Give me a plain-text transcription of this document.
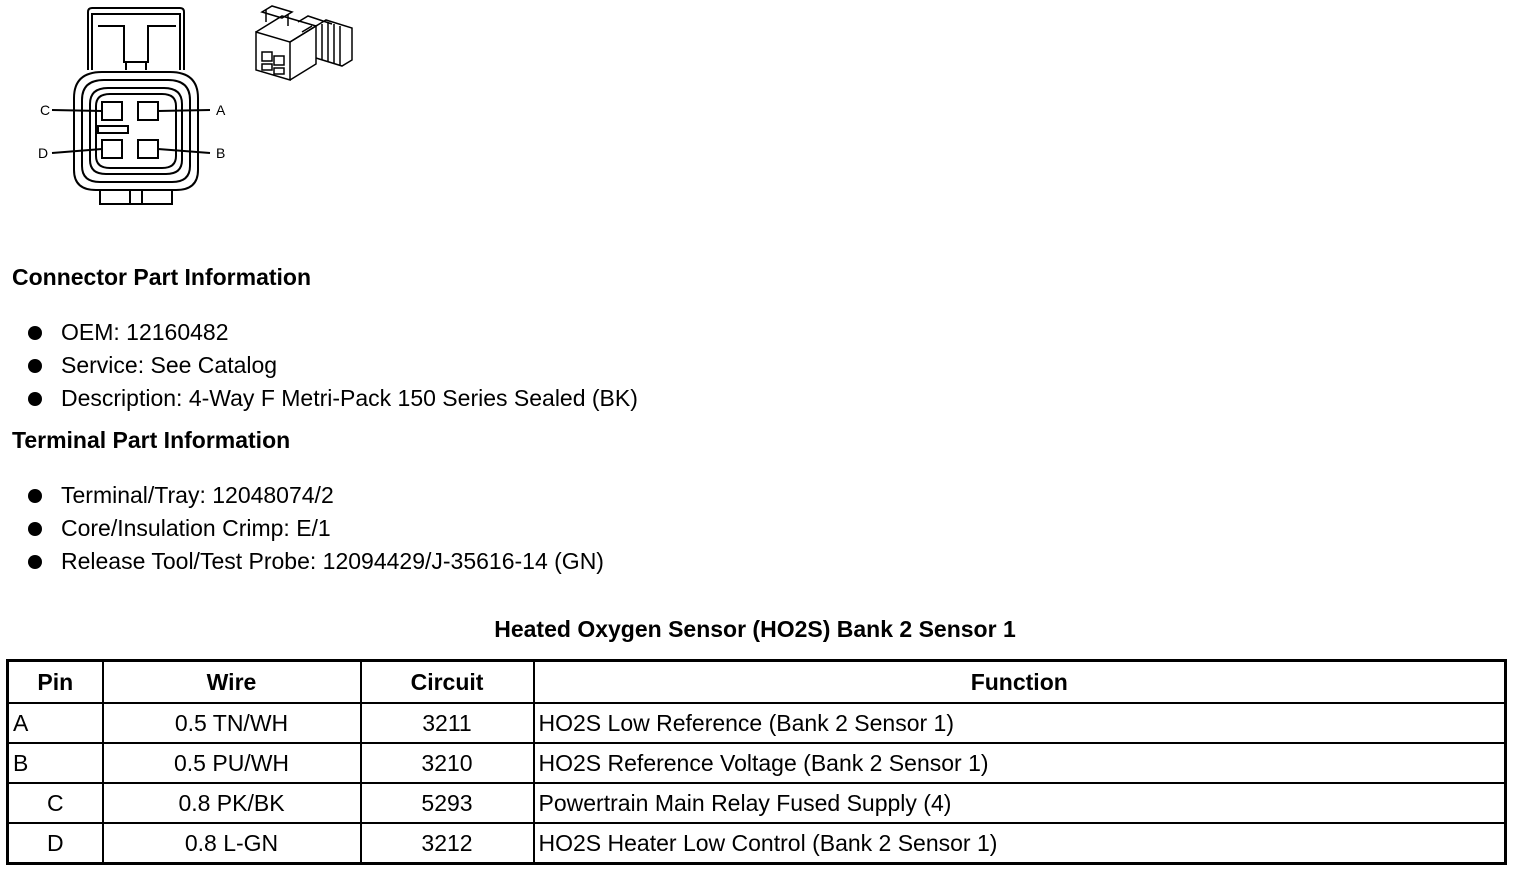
C	A
D	B
Connector Part Information
OEM: 12160482
Service: See Catalog
Description: 4-Way F Metri-Pack 150 Series Sealed (BK)
Terminal Part Information
Terminal/Tray: 12048074/2
Core/Insulation Crimp: E/1
Release Tool/Test Probe: 12094429/J-35616-14 (GN)
Heated Oxygen Sensor (HO2S) Bank 2 Sensor 1
Pin	Wire	Circuit	Function
A	0.5 TN/WH	3211	HO2S Low Reference (Bank 2 Sensor 1)
B	0.5 PU/WH	3210	HO2S Reference Voltage (Bank 2 Sensor 1)
C	0.8 PK/BK	5293	Powertrain Main Relay Fused Supply (4)
D	0.8 L-GN	3212	HO2S Heater Low Control (Bank 2 Sensor 1)
